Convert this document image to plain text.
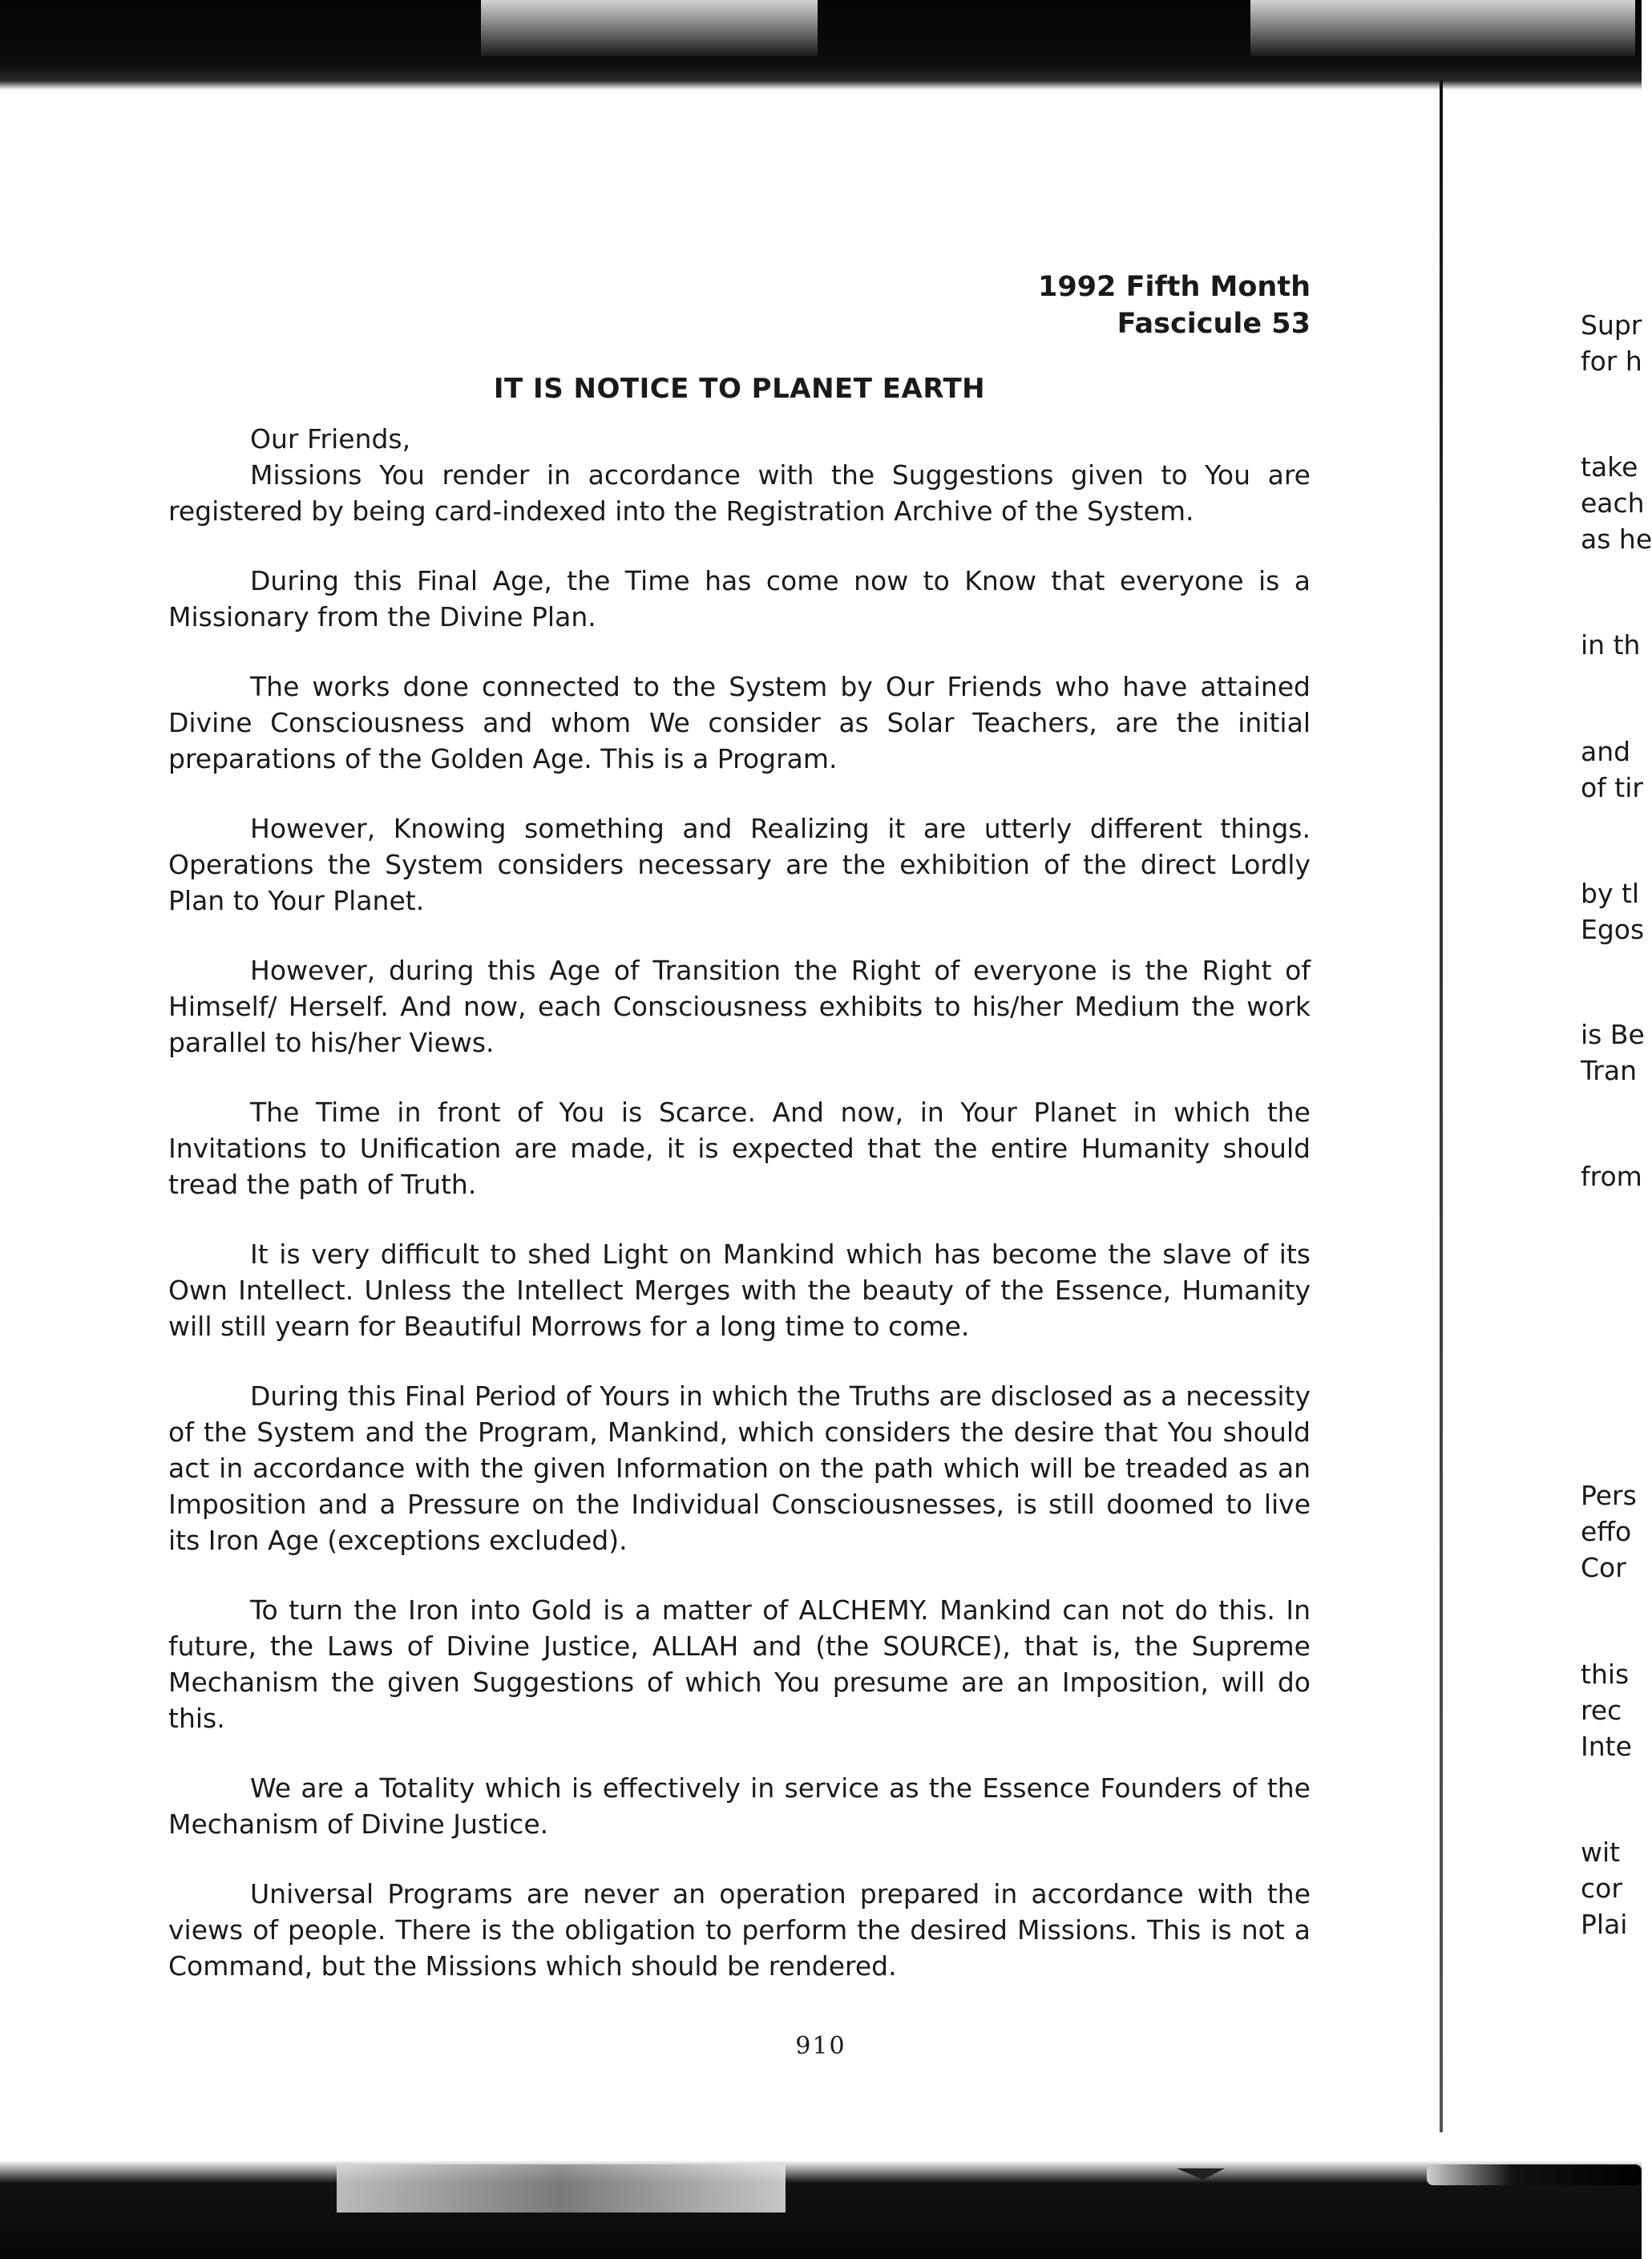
1992 Fifth Month
Fascicule 53
IT IS NOTICE TO PLANET EARTH
Our Friends,

Missions You render in accordance with the Suggestions given to You are registered by being card-indexed into the Registration Archive of the System.

During this Final Age, the Time has come now to Know that everyone is a Missionary from the Divine Plan.

The works done connected to the System by Our Friends who have attained Divine Consciousness and whom We consider as Solar Teachers, are the initial preparations of the Golden Age. This is a Program.

However, Knowing something and Realizing it are utterly different things. Operations the System considers necessary are the exhibition of the direct Lordly Plan to Your Planet.

However, during this Age of Transition the Right of everyone is the Right of Himself/ Herself. And now, each Consciousness exhibits to his/her Medium the work parallel to his/her Views.

The Time in front of You is Scarce. And now, in Your Planet in which the Invitations to Unification are made, it is expected that the entire Humanity should tread the path of Truth.

It is very difficult to shed Light on Mankind which has become the slave of its Own Intellect. Unless the Intellect Merges with the beauty of the Essence, Humanity will still yearn for Beautiful Morrows for a long time to come.

During this Final Period of Yours in which the Truths are disclosed as a necessity of the System and the Program, Mankind, which considers the desire that You should act in accordance with the given Information on the path which will be treaded as an Imposition and a Pressure on the Individual Consciousnesses, is still doomed to live its Iron Age (exceptions excluded).

To turn the Iron into Gold is a matter of ALCHEMY. Mankind can not do this. In future, the Laws of Divine Justice, ALLAH and (the SOURCE), that is, the Supreme Mechanism the given Suggestions of which You presume are an Imposition, will do this.

We are a Totality which is effectively in service as the Essence Founders of the Mechanism of Divine Justice.

Universal Programs are never an operation prepared in accordance with the views of people. There is the obligation to perform the desired Missions. This is not a Command, but the Missions which should be rendered.

910
Supr
for h
take
each
as he
in th
and
of tir
by tl
Egos
is Be
Tran
from
Pers
effo
Cor
this
rec
Inte
wit
cor
Plai
